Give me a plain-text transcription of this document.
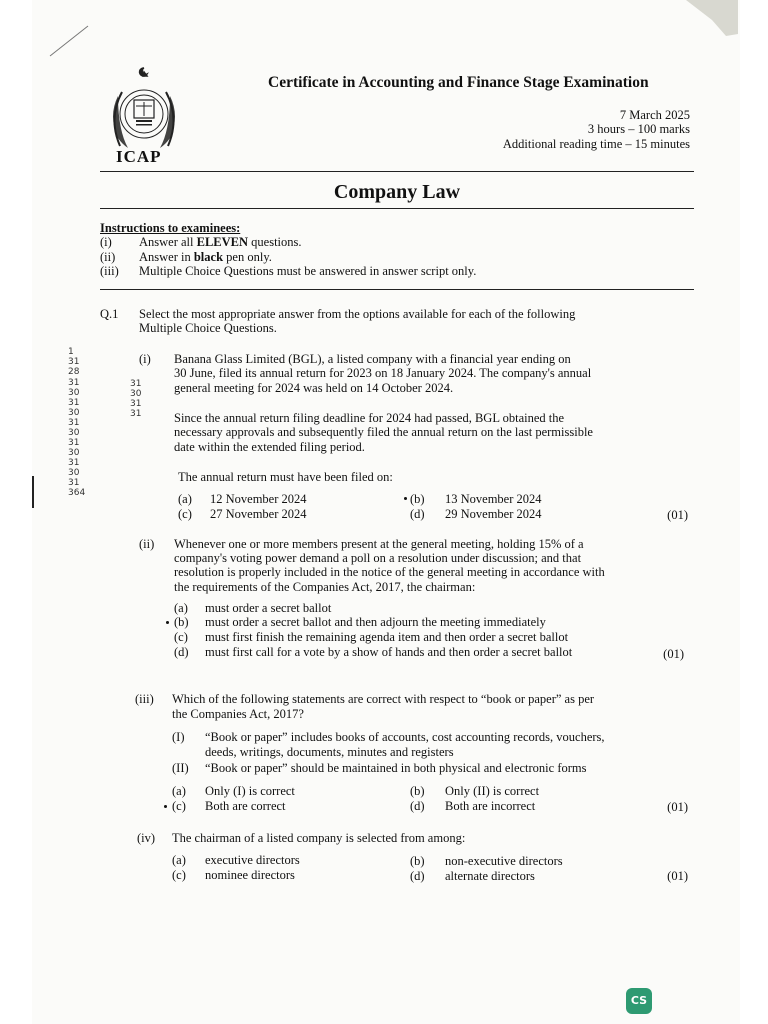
ICAP
Certificate in Accounting and Finance Stage Examination
7 March 2025
3 hours – 100 marks
Additional reading time – 15 minutes
Company Law
Instructions to examinees:
(i) Answer all ELEVEN questions.
(ii) Answer in black pen only.
(iii) Multiple Choice Questions must be answered in answer script only.
Q.1 Select the most appropriate answer from the options available for each of the following
Multiple Choice Questions.
(i) Banana Glass Limited (BGL), a listed company with a financial year ending on
30 June, filed its annual return for 2023 on 18 January 2024. The company's annual
general meeting for 2024 was held on 14 October 2024.
Since the annual return filing deadline for 2024 had passed, BGL obtained the
necessary approvals and subsequently filed the annual return on the last permissible
date within the extended filing period.
The annual return must have been filed on:
(a) 12 November 2024	(b) 13 November 2024
(c) 27 November 2024	(d) 29 November 2024	(01)
(ii) Whenever one or more members present at the general meeting, holding 15% of a
company's voting power demand a poll on a resolution under discussion; and that
resolution is properly included in the notice of the general meeting in accordance with
the requirements of the Companies Act, 2017, the chairman:
(a) must order a secret ballot
(b) must order a secret ballot and then adjourn the meeting immediately
(c) must first finish the remaining agenda item and then order a secret ballot
(d) must first call for a vote by a show of hands and then order a secret ballot	(01)
(iii) Which of the following statements are correct with respect to “book or paper” as per
the Companies Act, 2017?
(I) “Book or paper” includes books of accounts, cost accounting records, vouchers,
deeds, writings, documents, minutes and registers
(II) “Book or paper” should be maintained in both physical and electronic forms
(a) Only (I) is correct	(b) Only (II) is correct
(c) Both are correct	(d) Both are incorrect	(01)
(iv) The chairman of a listed company is selected from among:
(a) executive directors	(b) non-executive directors
(c) nominee directors	(d) alternate directors	(01)
1
31
28
31
30
31
30
31
30
31
30
31
30
31
364
31
30
31
31
CS
